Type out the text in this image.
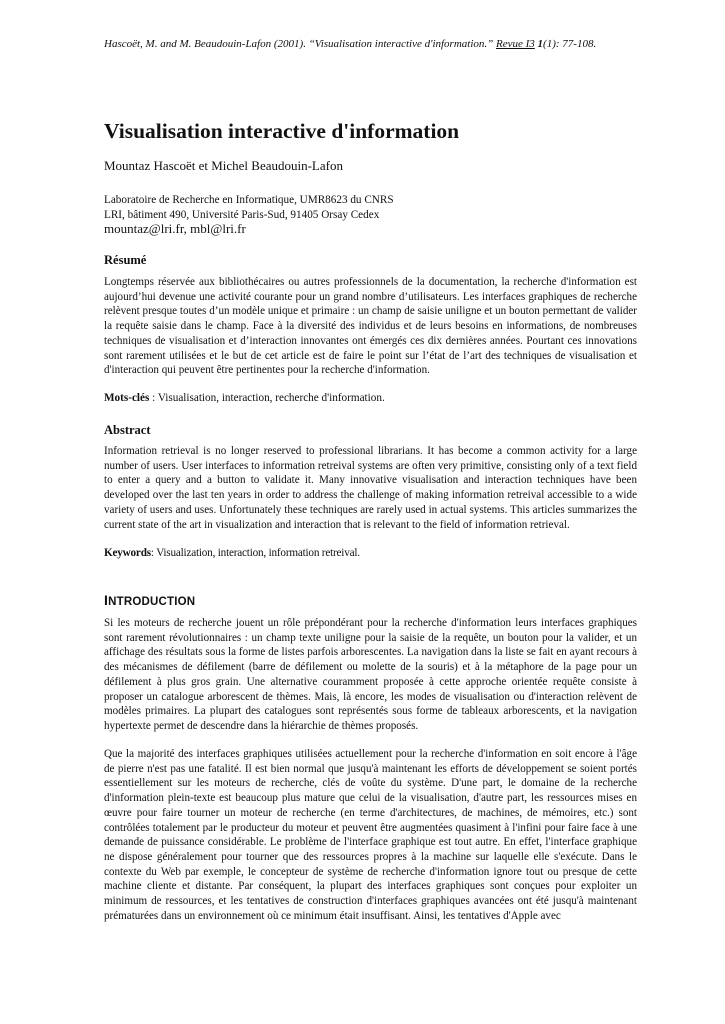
Hascoët, M. and M. Beaudouin-Lafon (2001). “Visualisation interactive d'information.” Revue I3 1(1): 77-108.
Visualisation interactive d'information
Mountaz Hascoët et Michel Beaudouin-Lafon
Laboratoire de Recherche en Informatique, UMR8623 du CNRS
LRI, bâtiment 490, Université Paris-Sud, 91405 Orsay Cedex
mountaz@lri.fr, mbl@lri.fr
Résumé

Longtemps réservée aux bibliothécaires ou autres professionnels de la documentation, la recherche d'information est aujourd’hui devenue une activité courante pour un grand nombre d’utilisateurs. Les interfaces graphiques de recherche relèvent presque toutes d’un modèle unique et primaire : un champ de saisie uniligne et un bouton permettant de valider la requête saisie dans le champ. Face à la diversité des individus et de leurs besoins en informations, de nombreuses techniques de visualisation et d’interaction innovantes ont émergés ces dix dernières années. Pourtant ces innovations sont rarement utilisées et le but de cet article est de faire le point sur l’état de l’art des techniques de visualisation et d'interaction qui peuvent être pertinentes pour la recherche d'information.

Mots-clés : Visualisation, interaction, recherche d'information.
Abstract

Information retrieval is no longer reserved to professional librarians. It has become a common activity for a large number of users. User interfaces to information retreival systems are often very primitive, consisting only of a text field to enter a query and a button to validate it. Many innovative visualisation and interaction techniques have been developed over the last ten years in order to address the challenge of making information retreival accessible to a wide variety of users and uses. Unfortunately these techniques are rarely used in actual systems. This articles summarizes the current state of the art in visualization and interaction that is relevant to the field of information retrieval.

Keywords: Visualization, interaction, information retreival.
INTRODUCTION

Si les moteurs de recherche jouent un rôle prépondérant pour la recherche d'information leurs interfaces graphiques sont rarement révolutionnaires : un champ texte uniligne pour la saisie de la requête, un bouton pour la valider, et un affichage des résultats sous la forme de listes parfois arborescentes. La navigation dans la liste se fait en ayant recours à des mécanismes de défilement (barre de défilement ou molette de la souris) et à la métaphore de la page pour un défilement à plus gros grain. Une alternative couramment proposée à cette approche orientée requête consiste à proposer un catalogue arborescent de thèmes. Mais, là encore, les modes de visualisation ou d'interaction relèvent de modèles primaires. La plupart des catalogues sont représentés sous forme de tableaux arborescents, et la navigation hypertexte permet de descendre dans la hiérarchie de thèmes proposés.

Que la majorité des interfaces graphiques utilisées actuellement pour la recherche d'information en soit encore à l'âge de pierre n'est pas une fatalité. Il est bien normal que jusqu'à maintenant les efforts de développement se soient portés essentiellement sur les moteurs de recherche, clés de voûte du système. D'une part, le domaine de la recherche d'information plein-texte est beaucoup plus mature que celui de la visualisation, d'autre part, les ressources mises en œuvre pour faire tourner un moteur de recherche (en terme d'architectures, de machines, de mémoires, etc.) sont contrôlées totalement par le producteur du moteur et peuvent être augmentées quasiment à l'infini pour faire face à une demande de puissance considérable. Le problème de l'interface graphique est tout autre. En effet, l'interface graphique ne dispose généralement pour tourner que des ressources propres à la machine sur laquelle elle s'exécute. Dans le contexte du Web par exemple, le concepteur de système de recherche d'information ignore tout ou presque de cette machine cliente et distante. Par conséquent, la plupart des interfaces graphiques sont conçues pour exploiter un minimum de ressources, et les tentatives de construction d'interfaces graphiques avancées ont été jusqu'à maintenant prématurées dans un environnement où ce minimum était insuffisant. Ainsi, les tentatives d'Apple avec
